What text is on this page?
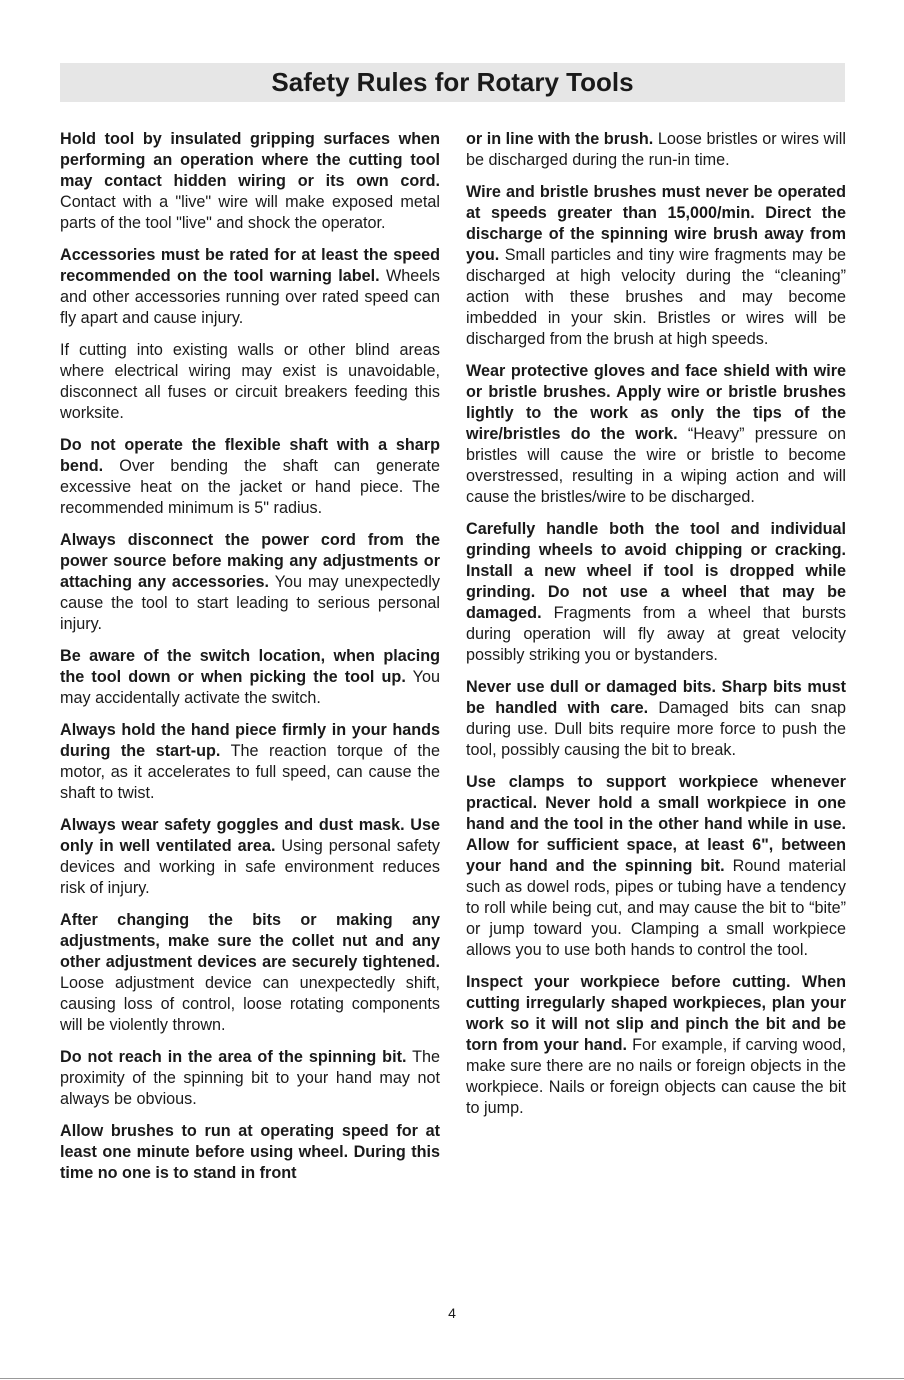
Safety Rules for Rotary Tools

Hold tool by insulated gripping surfaces when performing an operation where the cutting tool may contact hidden wiring or its own cord. Contact with a "live" wire will make exposed metal parts of the tool "live" and shock the operator.

Accessories must be rated for at least the speed recommended on the tool warning label. Wheels and other accessories running over rated speed can fly apart and cause injury.

If cutting into existing walls or other blind areas where electrical wiring may exist is unavoidable, disconnect all fuses or circuit breakers feeding this worksite.

Do not operate the flexible shaft with a sharp bend. Over bending the shaft can generate excessive heat on the jacket or hand piece. The recommended minimum is 5" radius.

Always disconnect the power cord from the power source before making any adjustments or attaching any accessories. You may unexpectedly cause the tool to start leading to serious personal injury.

Be aware of the switch location, when placing the tool down or when picking the tool up. You may accidentally activate the switch.

Always hold the hand piece firmly in your hands during the start-up. The reaction torque of the motor, as it accelerates to full speed, can cause the shaft to twist.

Always wear safety goggles and dust mask. Use only in well ventilated area. Using personal safety devices and working in safe environment reduces risk of injury.

After changing the bits or making any adjustments, make sure the collet nut and any other adjustment devices are securely tightened. Loose adjustment device can unexpectedly shift, causing loss of control, loose rotating components will be violently thrown.

Do not reach in the area of the spinning bit. The proximity of the spinning bit to your hand may not always be obvious.

Allow brushes to run at operating speed for at least one minute before using wheel. During this time no one is to stand in front

or in line with the brush. Loose bristles or wires will be discharged during the run-in time.

Wire and bristle brushes must never be operated at speeds greater than 15,000/min. Direct the discharge of the spinning wire brush away from you. Small particles and tiny wire fragments may be discharged at high velocity during the “cleaning” action with these brushes and may become imbedded in your skin. Bristles or wires will be discharged from the brush at high speeds.

Wear protective gloves and face shield with wire or bristle brushes. Apply wire or bristle brushes lightly to the work as only the tips of the wire/bristles do the work. “Heavy” pressure on bristles will cause the wire or bristle to become overstressed, resulting in a wiping action and will cause the bristles/wire to be discharged.

Carefully handle both the tool and individual grinding wheels to avoid chipping or cracking. Install a new wheel if tool is dropped while grinding. Do not use a wheel that may be damaged. Fragments from a wheel that bursts during operation will fly away at great velocity possibly striking you or bystanders.

Never use dull or damaged bits. Sharp bits must be handled with care. Damaged bits can snap during use. Dull bits require more force to push the tool, possibly causing the bit to break.

Use clamps to support workpiece whenever practical. Never hold a small workpiece in one hand and the tool in the other hand while in use. Allow for sufficient space, at least 6", between your hand and the spinning bit. Round material such as dowel rods, pipes or tubing have a tendency to roll while being cut, and may cause the bit to “bite” or jump toward you. Clamping a small workpiece allows you to use both hands to control the tool.

Inspect your workpiece before cutting. When cutting irregularly shaped workpieces, plan your work so it will not slip and pinch the bit and be torn from your hand. For example, if carving wood, make sure there are no nails or foreign objects in the workpiece. Nails or foreign objects can cause the bit to jump.

4
